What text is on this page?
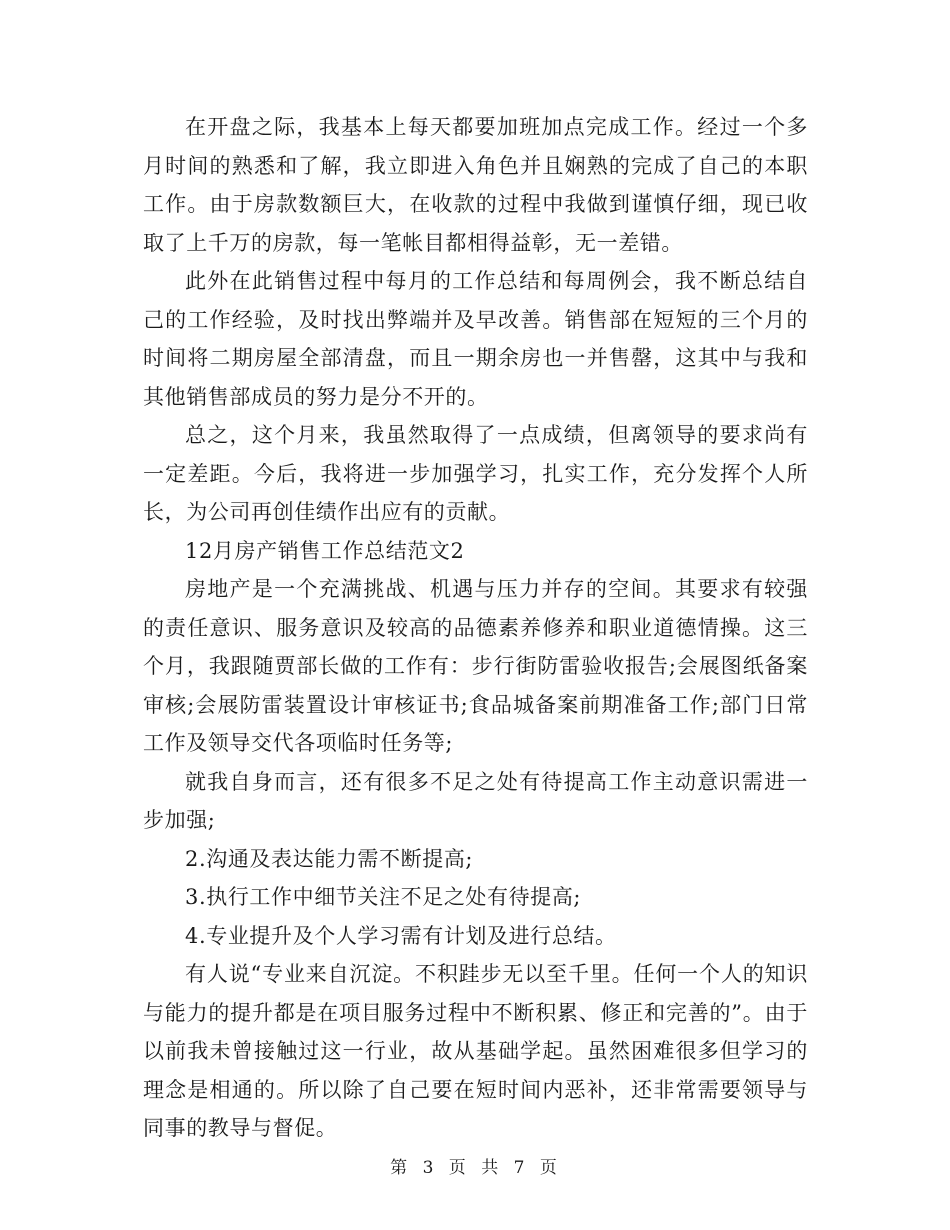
在开盘之际，我基本上每天都要加班加点完成工作。经过一个多月时间的熟悉和了解，我立即进入角色并且娴熟的完成了自己的本职工作。由于房款数额巨大，在收款的过程中我做到谨慎仔细，现已收取了上千万的房款，每一笔帐目都相得益彰，无一差错。

此外在此销售过程中每月的工作总结和每周例会，我不断总结自己的工作经验，及时找出弊端并及早改善。销售部在短短的三个月的时间将二期房屋全部清盘，而且一期余房也一并售罄，这其中与我和其他销售部成员的努力是分不开的。

总之，这个月来，我虽然取得了一点成绩，但离领导的要求尚有一定差距。今后，我将进一步加强学习，扎实工作，充分发挥个人所长，为公司再创佳绩作出应有的贡献。

12月房产销售工作总结范文2

房地产是一个充满挑战、机遇与压力并存的空间。其要求有较强的责任意识、服务意识及较高的品德素养修养和职业道德情操。这三个月，我跟随贾部长做的工作有：步行街防雷验收报告;会展图纸备案审核;会展防雷装置设计审核证书;食品城备案前期准备工作;部门日常工作及领导交代各项临时任务等;

就我自身而言，还有很多不足之处有待提高工作主动意识需进一步加强;

2.沟通及表达能力需不断提高;

3.执行工作中细节关注不足之处有待提高;

4.专业提升及个人学习需有计划及进行总结。

有人说“专业来自沉淀。不积跬步无以至千里。任何一个人的知识与能力的提升都是在项目服务过程中不断积累、修正和完善的”。由于以前我未曾接触过这一行业，故从基础学起。虽然困难很多但学习的理念是相通的。所以除了自己要在短时间内恶补，还非常需要领导与同事的教导与督促。

第 3 页 共 7 页
